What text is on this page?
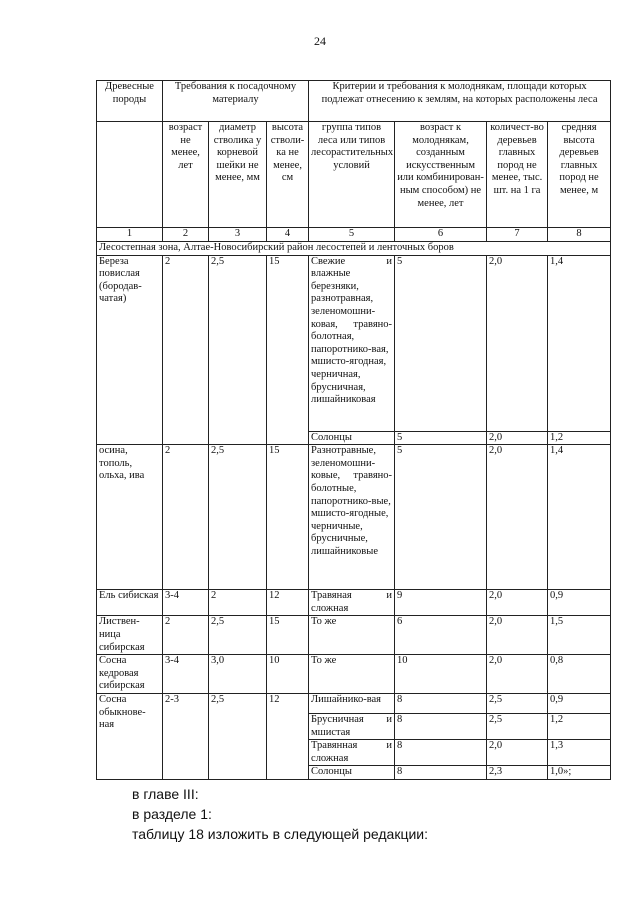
24
Древесные породы	Требования к посадочному материалу			Критерии и требования к молоднякам, площади которых подлежат отнесению к землям, на которых расположены леса			
	возраст не менее, лет	диаметр стволика у корневой шейки не менее, мм	высота стволи-ка не менее, см	группа типов леса или типов лесорастительных условий	возраст к молоднякам, созданным искусственным или комбинирован-ным способом) не менее, лет	количест-во деревьев главных пород не менее, тыс. шт. на 1 га	средняя высота деревьев главных пород не менее, м
1	2	3	4	5	6	7	8
Лесостепная зона, Алтае-Новосибирский район лесостепей и ленточных боров							
Береза повислая (бородав-чатая)	2	2,5	15	Свежие и влажные березняки, разнотравная, зеленомошни-ковая, травяно-болотная, папоротнико-вая, мшисто-ягодная, черничная, брусничная, лишайниковая	5	2,0	1,4
				Солонцы	5	2,0	1,2
осина, тополь, ольха, ива	2	2,5	15	Разнотравные, зеленомошни-ковые, травяно-болотные, папоротнико-вые, мшисто-ягодные, черничные, брусничные, лишайниковые	5	2,0	1,4
Ель сибиская	3-4	2	12	Травяная и сложная	9	2,0	0,9
Листвен-ница сибирская	2	2,5	15	То же	6	2,0	1,5
Сосна кедровая сибирская	3-4	3,0	10	То же	10	2,0	0,8
Сосна обыкнове-ная	2-3	2,5	12	Лишайнико-вая	8	2,5	0,9
				Брусничная и мшистая	8	2,5	1,2
				Травянная и сложная	8	2,0	1,3
				Солонцы	8	2,3	1,0»;
в главе III:
в разделе 1:
таблицу 18 изложить в следующей редакции:
